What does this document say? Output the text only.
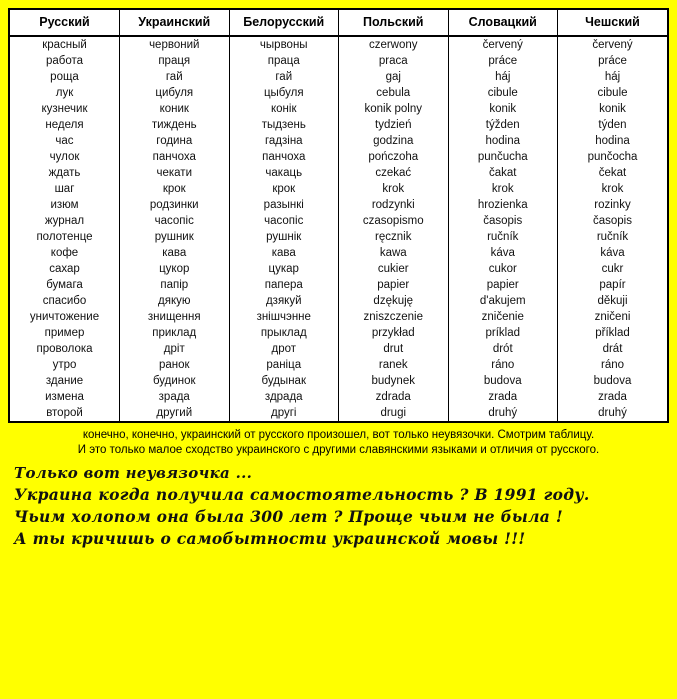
Русский	Украинский	Белорусский	Польский	Словацкий	Чешский
красный	червоний	чырвоны	czerwony	červený	červený
работа	праця	праца	praca	práce	práce
роща	гай	гай	gaj	háj	háj
лук	цибуля	цыбуля	cebula	cibule	cibule
кузнечик	коник	конік	konik polny	konik	konik
неделя	тиждень	тыдзень	tydzień	týžden	týden
час	година	гадзіна	godzina	hodina	hodina
чулок	панчоха	панчоха	pończoha	punčucha	punčocha
ждать	чекати	чакаць	czekać	čakat	čekat
шаг	крок	крок	krok	krok	krok
изюм	родзинки	разынкі	rodzynki	hrozienka	rozinky
журнал	часопіс	часопіс	czasopismo	časopis	časopis
полотенце	рушник	рушнік	ręcznik	ručník	ručník
кофе	кава	кава	kawa	káva	káva
сахар	цукор	цукар	cukier	cukor	cukr
бумага	папір	папера	papier	papier	papír
спасибо	дякую	дзякуй	dzękuję	d'akujem	děkuji
уничтожение	знищення	знішчэнне	zniszczenie	zničenie	zničeni
пример	приклад	прыклад	przykład	príklad	příklad
проволока	дріт	дрот	drut	drót	drát
утро	ранок	раніца	ranek	ráno	ráno
здание	будинок	будынак	budynek	budova	budova
измена	зрада	здрада	zdrada	zrada	zrada
второй	другий	другі	drugi	druhý	druhý
конечно, конечно, украинский от русского произошел, вот только неувязочки. Смотрим таблицу.
И это только малое сходство украинского с другими славянскими языками и отличия от русского.
Только вот неувязочка ...
Украина когда получила самостоятельность ? В 1991 году.
Чьим холопом она была 300 лет ? Проще чьим не была !
А ты кричишь о самобытности украинской мовы !!!
